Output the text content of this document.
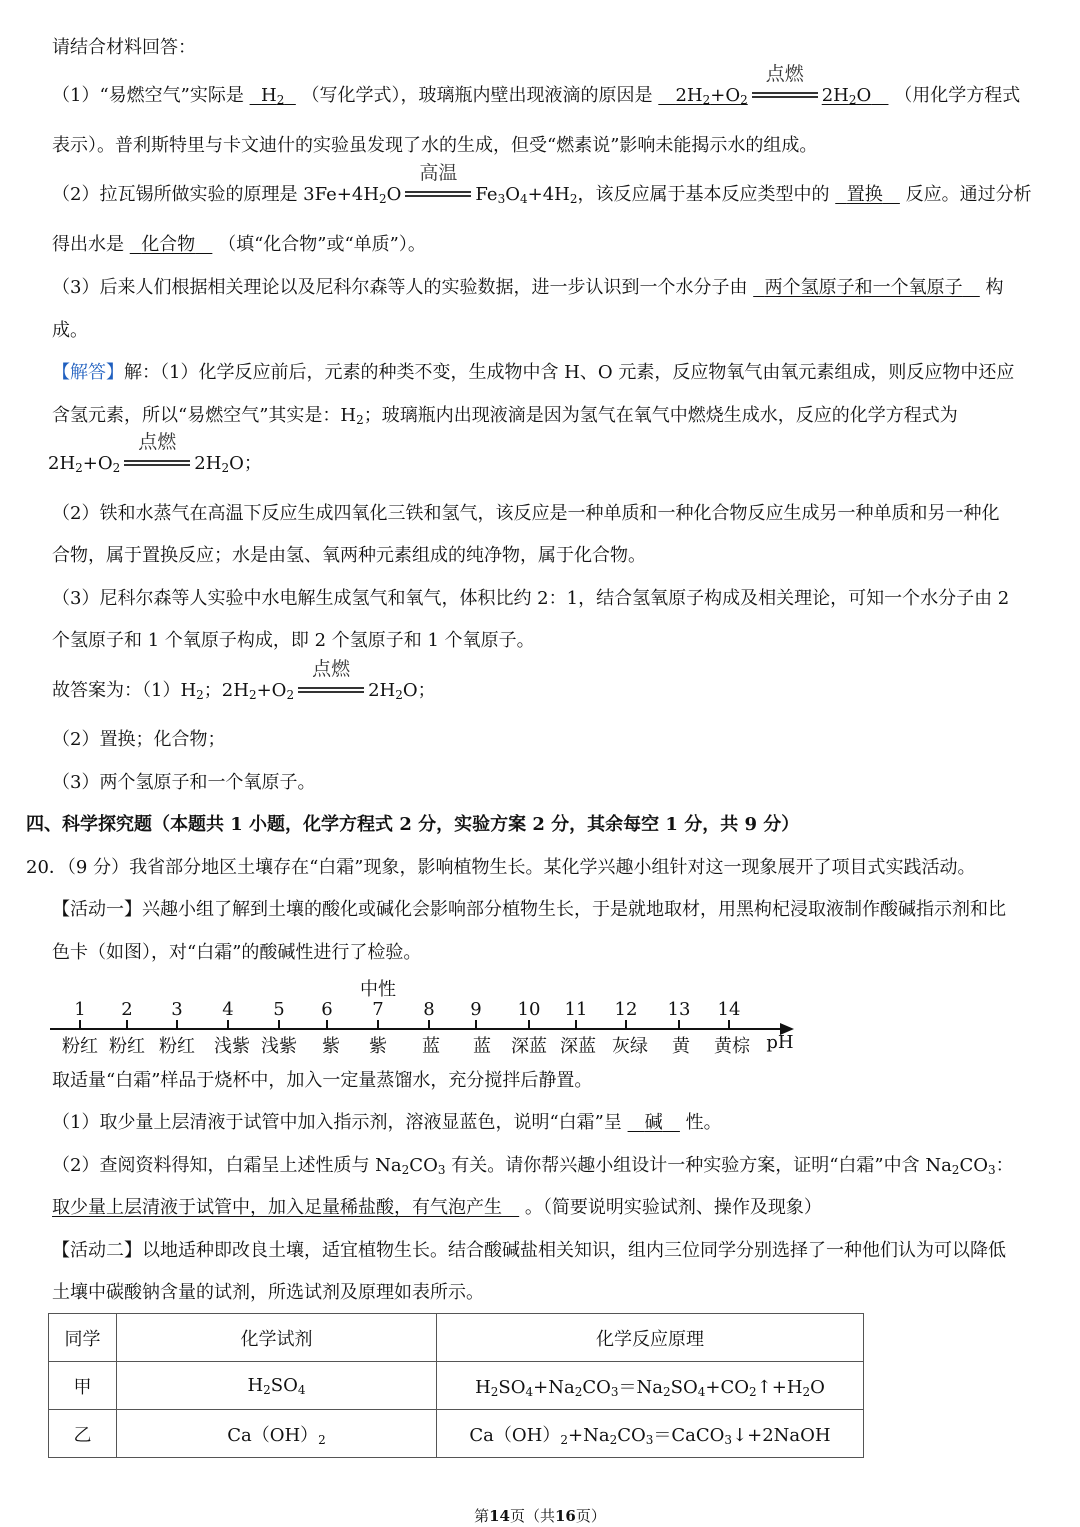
请结合材料回答：
（1）“易燃空气”实际是   $H_2$   （写化学式），玻璃瓶内壁出现液滴的原因是    $2H_2+O_2$
点燃
$2H_2O$    （用化学方程式
表示）。普利斯特里与卡文迪什的实验虽发现了水的生成，但受“燃素说”影响未能揭示水的组成。
（2）拉瓦锡所做实验的原理是 $3Fe+4H_2O$
高温
$Fe_3O_4+4H_2$，该反应属于基本反应类型中的   置换    反应。通过分析
得出水是   化合物    （填“化合物”或“单质”）。
（3）后来人们根据相关理论以及尼科尔森等人的实验数据，进一步认识到一个水分子由   两个氢原子和一个氧原子    构
成。
【解答】解：（1）化学反应前后，元素的种类不变，生成物中含 H、O 元素，反应物氧气由氧元素组成，则反应物中还应
含氢元素，所以“易燃空气”其实是：$H_2$；玻璃瓶内出现液滴是因为氢气在氧气中燃烧生成水，反应的化学方程式为
$2H_2+O_2$
点燃
$2H_2O$；
（2）铁和水蒸气在高温下反应生成四氧化三铁和氢气，该反应是一种单质和一种化合物反应生成另一种单质和另一种化
合物，属于置换反应；水是由氢、氧两种元素组成的纯净物，属于化合物。
（3）尼科尔森等人实验中水电解生成氢气和氧气，体积比约 2：1，结合氢氧原子构成及相关理论，可知一个水分子由 2
个氢原子和 1 个氧原子构成，即 2 个氢原子和 1 个氧原子。
故答案为：$(1)H_2$；$2H_2+O_2$
点燃
$2H_2O$；
（2）置换；化合物；
（3）两个氢原子和一个氧原子。
四、科学探究题（本题共 1 小题，化学方程式 2 分，实验方案 2 分，其余每空 1 分，共 9 分）
20．（9 分）我省部分地区土壤存在“白霜”现象，影响植物生长。某化学兴趣小组针对这一现象展开了项目式实践活动。
【活动一】兴趣小组了解到土壤的酸化或碱化会影响部分植物生长，于是就地取材，用黑枸杞浸取液制作酸碱指示剂和比
色卡（如图），对“白霜”的酸碱性进行了检验。
中性
pH
1 2 3 4 5 6 7 8 9 10 11 12 13 14
粉红 粉红 粉红 浅紫 浅紫 紫 紫 蓝 蓝 深蓝 深蓝 灰绿 黄 黄棕
取适量“白霜”样品于烧杯中，加入一定量蒸馏水，充分搅拌后静置。
（1）取少量上层清液于试管中加入指示剂，溶液显蓝色，说明“白霜”呈    碱    性。
（2）查阅资料得知，白霜呈上述性质与 $Na_2CO_3$ 有关。请你帮兴趣小组设计一种实验方案，证明“白霜”中含 $Na_2CO_3$：
取少量上层清液于试管中，加入足量稀盐酸，有气泡产生    。（简要说明实验试剂、操作及现象）
【活动二】以地适种即改良土壤，适宜植物生长。结合酸碱盐相关知识，组内三位同学分别选择了一种他们认为可以降低
土壤中碳酸钠含量的试剂，所选试剂及原理如表所示。
同学	化学试剂	化学反应原理
甲	$H_2SO_4$	$H_2SO_4+Na_2CO_3=Na_2SO_4+CO_2↑+H_2O$
乙	$Ca(OH)_2$	$Ca(OH)_2+Na_2CO_3=CaCO_3↓+2NaOH$
第14页（共16页）
